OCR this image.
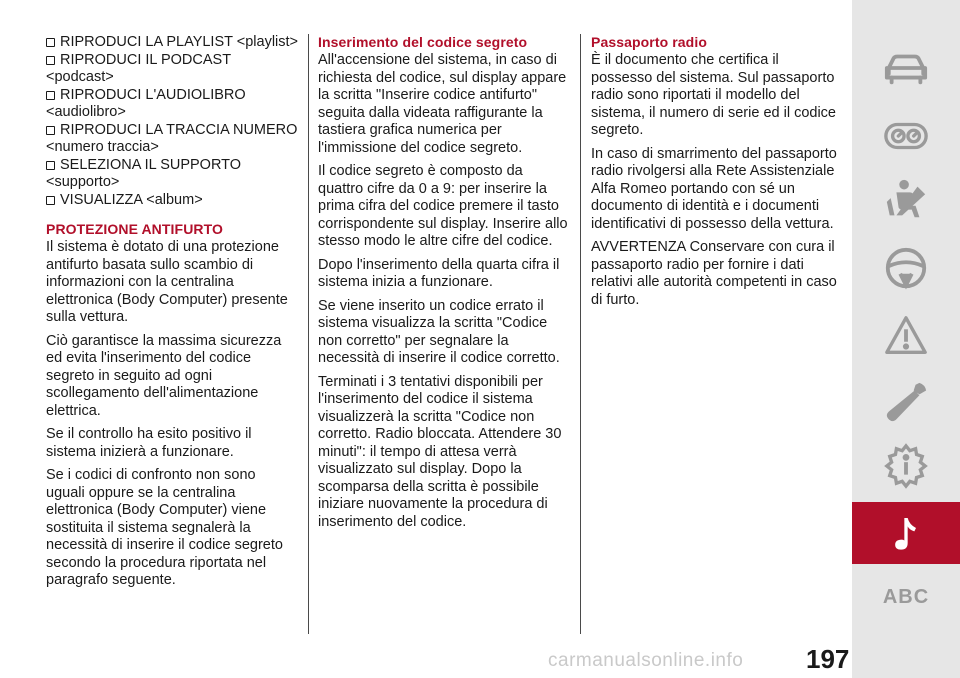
RIPRODUCI LA PLAYLIST <playlist>
RIPRODUCI IL PODCAST <podcast>
RIPRODUCI L'AUDIOLIBRO
<audiolibro>
RIPRODUCI LA TRACCIA NUMERO
<numero traccia>
SELEZIONA IL SUPPORTO
<supporto>
VISUALIZZA <album>
PROTEZIONE ANTIFURTO

Il sistema è dotato di una protezione antifurto basata sullo scambio di informazioni con la centralina elettronica (Body Computer) presente sulla vettura.

Ciò garantisce la massima sicurezza ed evita l'inserimento del codice segreto in seguito ad ogni scollegamento dell'alimentazione elettrica.

Se il controllo ha esito positivo il sistema inizierà a funzionare.

Se i codici di confronto non sono uguali oppure se la centralina elettronica (Body Computer) viene sostituita il sistema segnalerà la necessità di inserire il codice segreto secondo la procedura riportata nel paragrafo seguente.

Inserimento del codice segreto

All'accensione del sistema, in caso di richiesta del codice, sul display appare la scritta "Inserire codice antifurto" seguita dalla videata raffigurante la tastiera grafica numerica per l'immissione del codice segreto.

Il codice segreto è composto da quattro cifre da 0 a 9: per inserire la prima cifra del codice premere il tasto corrispondente sul display. Inserire allo stesso modo le altre cifre del codice.

Dopo l'inserimento della quarta cifra il sistema inizia a funzionare.

Se viene inserito un codice errato il sistema visualizza la scritta "Codice non corretto" per segnalare la necessità di inserire il codice corretto.

Terminati i 3 tentativi disponibili per l'inserimento del codice il sistema visualizzerà la scritta "Codice non corretto. Radio bloccata. Attendere 30 minuti": il tempo di attesa verrà visualizzato sul display. Dopo la scomparsa della scritta è possibile iniziare nuovamente la procedura di inserimento del codice.

Passaporto radio

È il documento che certifica il possesso del sistema. Sul passaporto radio sono riportati il modello del sistema, il numero di serie ed il codice segreto.

In caso di smarrimento del passaporto radio rivolgersi alla Rete Assistenziale Alfa Romeo portando con sé un documento di identità e i documenti identificativi di possesso della vettura.

AVVERTENZA Conservare con cura il passaporto radio per fornire i dati relativi alle autorità competenti in caso di furto.

ABC
carmanualsonline.info 197
